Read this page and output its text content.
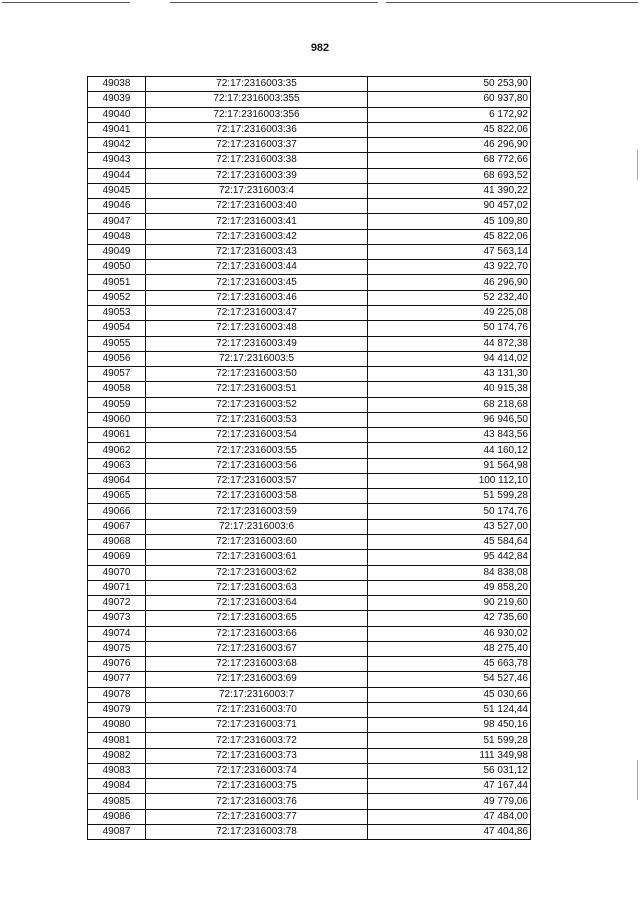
982
49038	72:17:2316003:35	50 253,90
49039	72:17:2316003:355	60 937,80
49040	72:17:2316003:356	6 172,92
49041	72:17:2316003:36	45 822,06
49042	72:17:2316003:37	46 296,90
49043	72:17:2316003:38	68 772,66
49044	72:17:2316003:39	68 693,52
49045	72:17:2316003:4	41 390,22
49046	72:17:2316003:40	90 457,02
49047	72:17:2316003:41	45 109,80
49048	72:17:2316003:42	45 822,06
49049	72:17:2316003:43	47 563,14
49050	72:17:2316003:44	43 922,70
49051	72:17:2316003:45	46 296,90
49052	72:17:2316003:46	52 232,40
49053	72:17:2316003:47	49 225,08
49054	72:17:2316003:48	50 174,76
49055	72:17:2316003:49	44 872,38
49056	72:17:2316003:5	94 414,02
49057	72:17:2316003:50	43 131,30
49058	72:17:2316003:51	40 915,38
49059	72:17:2316003:52	68 218,68
49060	72:17:2316003:53	96 946,50
49061	72:17:2316003:54	43 843,56
49062	72:17:2316003:55	44 160,12
49063	72:17:2316003:56	91 564,98
49064	72:17:2316003:57	100 112,10
49065	72:17:2316003:58	51 599,28
49066	72:17:2316003:59	50 174,76
49067	72:17:2316003:6	43 527,00
49068	72:17:2316003:60	45 584,64
49069	72:17:2316003:61	95 442,84
49070	72:17:2316003:62	84 838,08
49071	72:17:2316003:63	49 858,20
49072	72:17:2316003:64	90 219,60
49073	72:17:2316003:65	42 735,60
49074	72:17:2316003:66	46 930,02
49075	72:17:2316003:67	48 275,40
49076	72:17:2316003:68	45 663,78
49077	72:17:2316003:69	54 527,46
49078	72:17:2316003:7	45 030,66
49079	72:17:2316003:70	51 124,44
49080	72:17:2316003:71	98 450,16
49081	72:17:2316003:72	51 599,28
49082	72:17:2316003:73	111 349,98
49083	72:17:2316003:74	56 031,12
49084	72:17:2316003:75	47 167,44
49085	72:17:2316003:76	49 779,06
49086	72:17:2316003:77	47 484,00
49087	72:17:2316003:78	47 404,86
